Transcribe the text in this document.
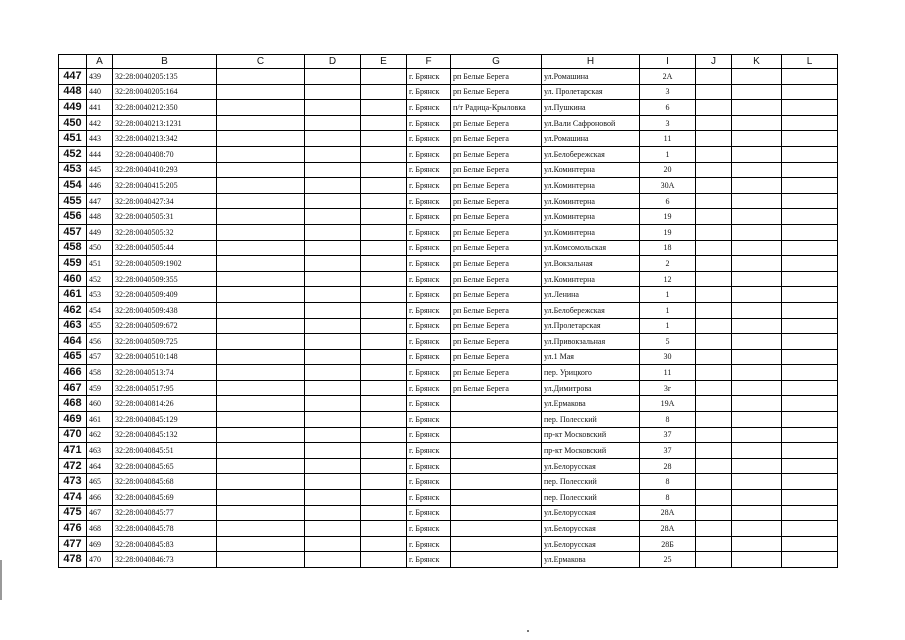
	A	B	C	D	E	F	G	H	I	J	K	L
447	439	32:28:0040205:135				г. Брянск	рп Белые Берега	ул.Ромашина	2А			
448	440	32:28:0040205:164				г. Брянск	рп Белые Берега	ул. Пролетарская	3			
449	441	32:28:0040212:350				г. Брянск	п/т Радица-Крыловка	ул.Пушкина	6			
450	442	32:28:0040213:1231				г. Брянск	рп Белые Берега	ул.Вали Сафроновой	3			
451	443	32:28:0040213:342				г. Брянск	рп Белые Берега	ул.Ромашина	11			
452	444	32:28:0040408:70				г. Брянск	рп Белые Берега	ул.Белобережская	1			
453	445	32:28:0040410:293				г. Брянск	рп Белые Берега	ул.Коминтерна	20			
454	446	32:28:0040415:205				г. Брянск	рп Белые Берега	ул.Коминтерна	30А			
455	447	32:28:0040427:34				г. Брянск	рп Белые Берега	ул.Коминтерна	6			
456	448	32:28:0040505:31				г. Брянск	рп Белые Берега	ул.Коминтерна	19			
457	449	32:28:0040505:32				г. Брянск	рп Белые Берега	ул.Коминтерна	19			
458	450	32:28:0040505:44				г. Брянск	рп Белые Берега	ул.Комсомольская	18			
459	451	32:28:0040509:1902				г. Брянск	рп Белые Берега	ул.Вокзальная	2			
460	452	32:28:0040509:355				г. Брянск	рп Белые Берега	ул.Коминтерна	12			
461	453	32:28:0040509:409				г. Брянск	рп Белые Берега	ул.Ленина	1			
462	454	32:28:0040509:438				г. Брянск	рп Белые Берега	ул.Белобережская	1			
463	455	32:28:0040509:672				г. Брянск	рп Белые Берега	ул.Пролетарская	1			
464	456	32:28:0040509:725				г. Брянск	рп Белые Берега	ул.Привокзальная	5			
465	457	32:28:0040510:148				г. Брянск	рп Белые Берега	ул.1 Мая	30			
466	458	32:28:0040513:74				г. Брянск	рп Белые Берега	пер. Урицкого	11			
467	459	32:28:0040517:95				г. Брянск	рп Белые Берега	ул.Димитрова	3г			
468	460	32:28:0040814:26				г. Брянск		ул.Ермакова	19А			
469	461	32:28:0040845:129				г. Брянск		пер. Полесский	8			
470	462	32:28:0040845:132				г. Брянск		пр-кт Московский	37			
471	463	32:28:0040845:51				г. Брянск		пр-кт Московский	37			
472	464	32:28:0040845:65				г. Брянск		ул.Белорусская	28			
473	465	32:28:0040845:68				г. Брянск		пер. Полесский	8			
474	466	32:28:0040845:69				г. Брянск		пер. Полесский	8			
475	467	32:28:0040845:77				г. Брянск		ул.Белорусская	28А			
476	468	32:28:0040845:78				г. Брянск		ул.Белорусская	28А			
477	469	32:28:0040845:83				г. Брянск		ул.Белорусская	28Б			
478	470	32:28:0040846:73				г. Брянск		ул.Ермакова	25			
